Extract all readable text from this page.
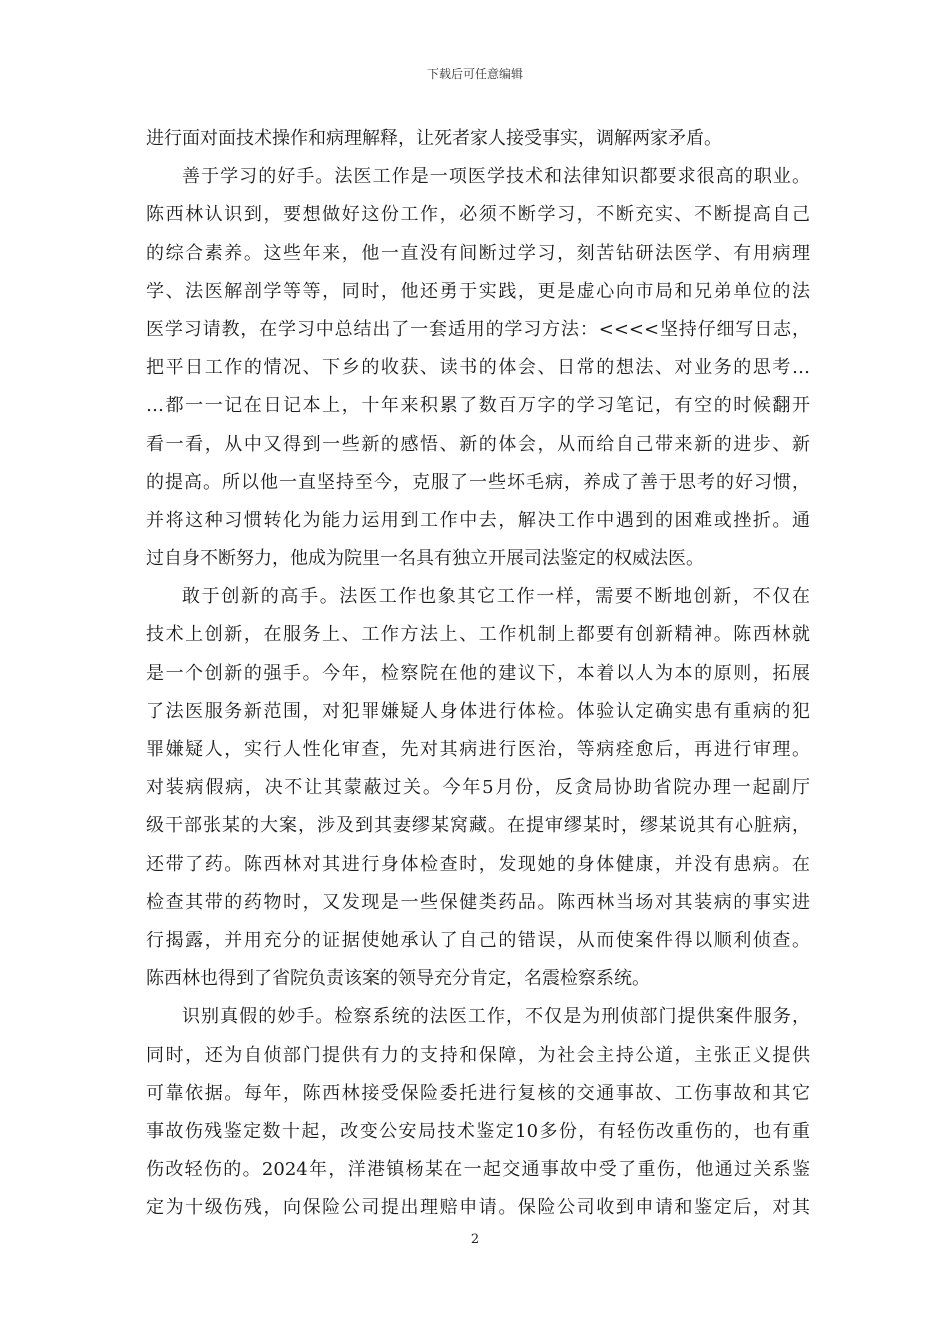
下载后可任意编辑
进行面对面技术操作和病理解释，让死者家人接受事实，调解两家矛盾。
善于学习的好手。法医工作是一项医学技术和法律知识都要求很高的职业。
陈西林认识到，要想做好这份工作，必须不断学习，不断充实、不断提高自己
的综合素养。这些年来，他一直没有间断过学习，刻苦钻研法医学、有用病理
学、法医解剖学等等，同时，他还勇于实践，更是虚心向市局和兄弟单位的法
医学习请教，在学习中总结出了一套适用的学习方法：<<<<坚持仔细写日志，
把平日工作的情况、下乡的收获、读书的体会、日常的想法、对业务的思考…
…都一一记在日记本上，十年来积累了数百万字的学习笔记，有空的时候翻开
看一看，从中又得到一些新的感悟、新的体会，从而给自己带来新的进步、新
的提高。所以他一直坚持至今，克服了一些坏毛病，养成了善于思考的好习惯，
并将这种习惯转化为能力运用到工作中去，解决工作中遇到的困难或挫折。通
过自身不断努力，他成为院里一名具有独立开展司法鉴定的权威法医。
敢于创新的高手。法医工作也象其它工作一样，需要不断地创新，不仅在
技术上创新，在服务上、工作方法上、工作机制上都要有创新精神。陈西林就
是一个创新的强手。今年，检察院在他的建议下，本着以人为本的原则，拓展
了法医服务新范围，对犯罪嫌疑人身体进行体检。体验认定确实患有重病的犯
罪嫌疑人，实行人性化审查，先对其病进行医治，等病痊愈后，再进行审理。
对装病假病，决不让其蒙蔽过关。今年5月份，反贪局协助省院办理一起副厅
级干部张某的大案，涉及到其妻缪某窝藏。在提审缪某时，缪某说其有心脏病，
还带了药。陈西林对其进行身体检查时，发现她的身体健康，并没有患病。在
检查其带的药物时，又发现是一些保健类药品。陈西林当场对其装病的事实进
行揭露，并用充分的证据使她承认了自己的错误，从而使案件得以顺利侦查。
陈西林也得到了省院负责该案的领导充分肯定，名震检察系统。
识别真假的妙手。检察系统的法医工作，不仅是为刑侦部门提供案件服务，
同时，还为自侦部门提供有力的支持和保障，为社会主持公道，主张正义提供
可靠依据。每年，陈西林接受保险委托进行复核的交通事故、工伤事故和其它
事故伤残鉴定数十起，改变公安局技术鉴定10多份，有轻伤改重伤的，也有重
伤改轻伤的。2024年，洋港镇杨某在一起交通事故中受了重伤，他通过关系鉴
定为十级伤残，向保险公司提出理赔申请。保险公司收到申请和鉴定后，对其
2
